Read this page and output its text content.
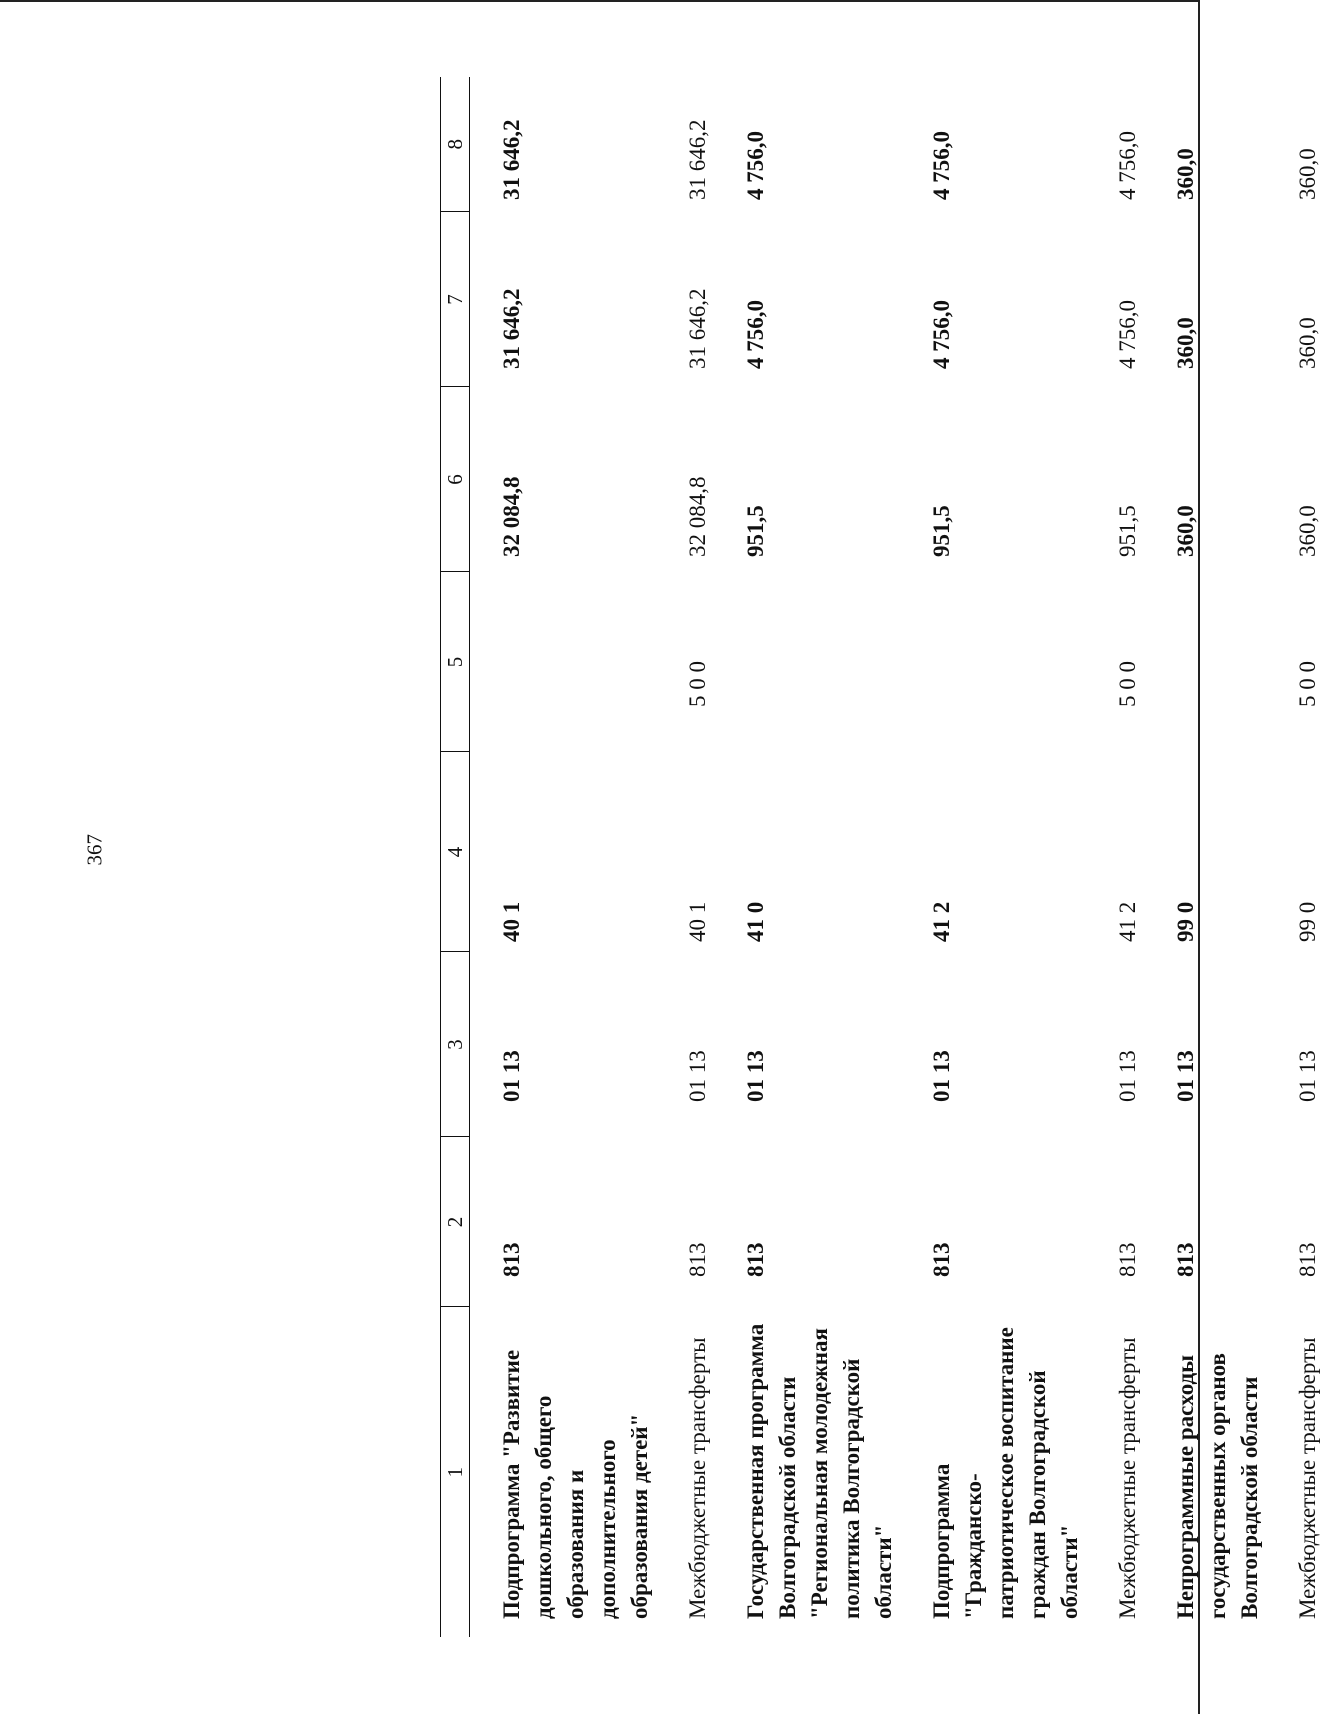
367
1	2	3	4	5	6	7	8

Подпрограмма "Развитие дошкольного, общего образования и дополнительного образования детей"	813	01 13	40 1		32 084,8	31 646,2	31 646,2

Межбюджетные трансферты	813	01 13	40 1	5 0 0	32 084,8	31 646,2	31 646,2

Государственная программа Волгоградской области "Региональная молодежная политика Волгоградской области"	813	01 13	41 0		951,5	4 756,0	4 756,0

Подпрограмма "Гражданско-патриотическое воспитание граждан Волгоградской области"	813	01 13	41 2		951,5	4 756,0	4 756,0

Межбюджетные трансферты	813	01 13	41 2	5 0 0	951,5	4 756,0	4 756,0

Непрограммные расходы государственных органов Волгоградской области	813	01 13	99 0		360,0	360,0	360,0

Межбюджетные трансферты	813	01 13	99 0	5 0 0	360,0	360,0	360,0
